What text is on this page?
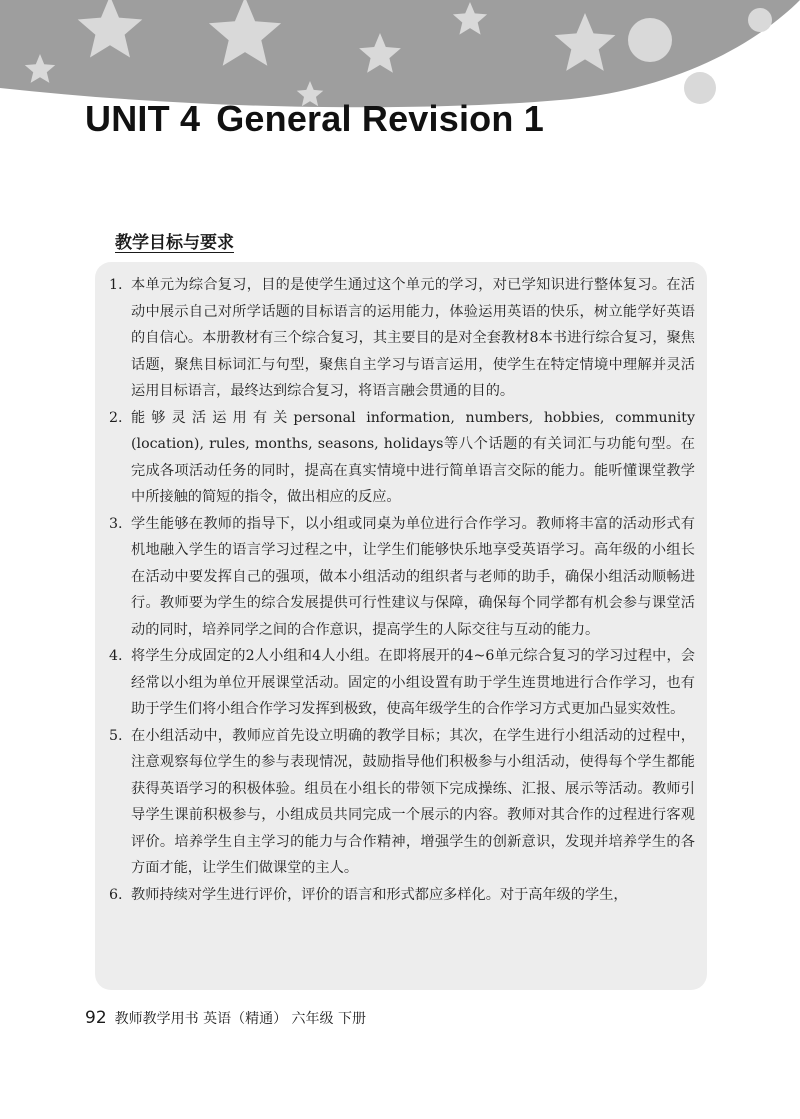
UNIT 4 General Revision 1
教学目标与要求
1. 本单元为综合复习，目的是使学生通过这个单元的学习，对已学知识进行整体复习。在活动中展示自己对所学话题的目标语言的运用能力，体验运用英语的快乐，树立能学好英语的自信心。本册教材有三个综合复习，其主要目的是对全套教材8本书进行综合复习，聚焦话题，聚焦目标词汇与句型，聚焦自主学习与语言运用，使学生在特定情境中理解并灵活运用目标语言，最终达到综合复习，将语言融会贯通的目的。
2. 能够灵活运用有关personal information, numbers, hobbies, community (location), rules, months, seasons, holidays等八个话题的有关词汇与功能句型。在完成各项活动任务的同时，提高在真实情境中进行简单语言交际的能力。能听懂课堂教学中所接触的简短的指令，做出相应的反应。
3. 学生能够在教师的指导下，以小组或同桌为单位进行合作学习。教师将丰富的活动形式有机地融入学生的语言学习过程之中，让学生们能够快乐地享受英语学习。高年级的小组长在活动中要发挥自己的强项，做本小组活动的组织者与老师的助手，确保小组活动顺畅进行。教师要为学生的综合发展提供可行性建议与保障，确保每个同学都有机会参与课堂活动的同时，培养同学之间的合作意识，提高学生的人际交往与互动的能力。
4. 将学生分成固定的2人小组和4人小组。在即将展开的4~6单元综合复习的学习过程中，会经常以小组为单位开展课堂活动。固定的小组设置有助于学生连贯地进行合作学习，也有助于学生们将小组合作学习发挥到极致，使高年级学生的合作学习方式更加凸显实效性。
5. 在小组活动中，教师应首先设立明确的教学目标；其次，在学生进行小组活动的过程中，注意观察每位学生的参与表现情况，鼓励指导他们积极参与小组活动，使得每个学生都能获得英语学习的积极体验。组员在小组长的带领下完成操练、汇报、展示等活动。教师引导学生课前积极参与，小组成员共同完成一个展示的内容。教师对其合作的过程进行客观评价。培养学生自主学习的能力与合作精神，增强学生的创新意识，发现并培养学生的各方面才能，让学生们做课堂的主人。
6. 教师持续对学生进行评价，评价的语言和形式都应多样化。对于高年级的学生，

92 教师教学用书 英语（精通） 六年级 下册
